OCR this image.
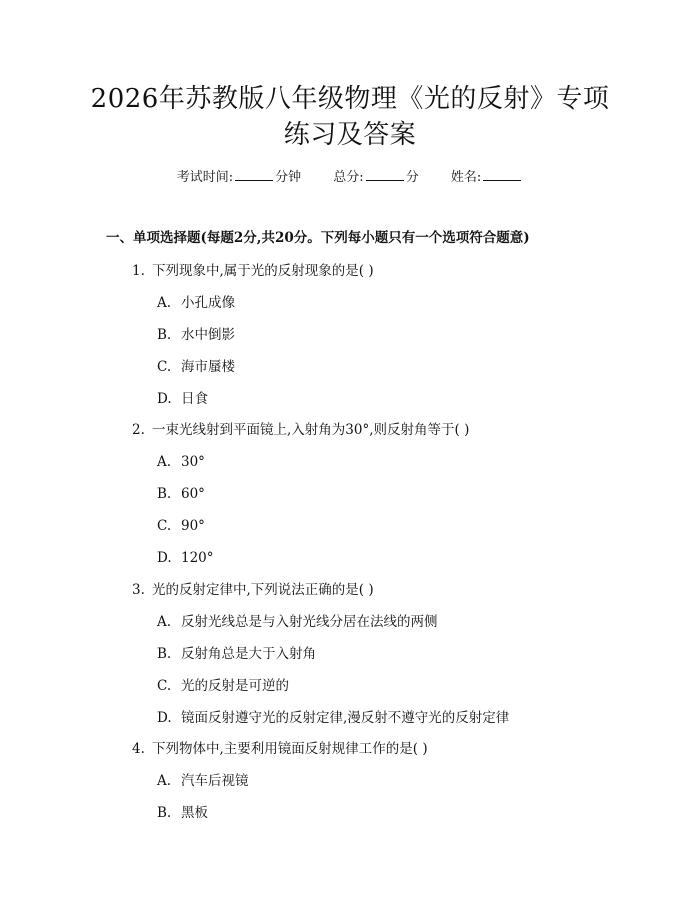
2026年苏教版八年级物理《光的反射》专项
练习及答案
考试时间:	分钟 总分:	分 姓名:
一、单项选择题(每题2分,共20分。下列每小题只有一个选项符合题意)
1. 下列现象中,属于光的反射现象的是( )
A. 小孔成像
B. 水中倒影
C. 海市蜃楼
D. 日食
2. 一束光线射到平面镜上,入射角为30°,则反射角等于( )
A. 30°
B. 60°
C. 90°
D. 120°
3. 光的反射定律中,下列说法正确的是( )
A. 反射光线总是与入射光线分居在法线的两侧
B. 反射角总是大于入射角
C. 光的反射是可逆的
D. 镜面反射遵守光的反射定律,漫反射不遵守光的反射定律
4. 下列物体中,主要利用镜面反射规律工作的是( )
A. 汽车后视镜
B. 黑板
